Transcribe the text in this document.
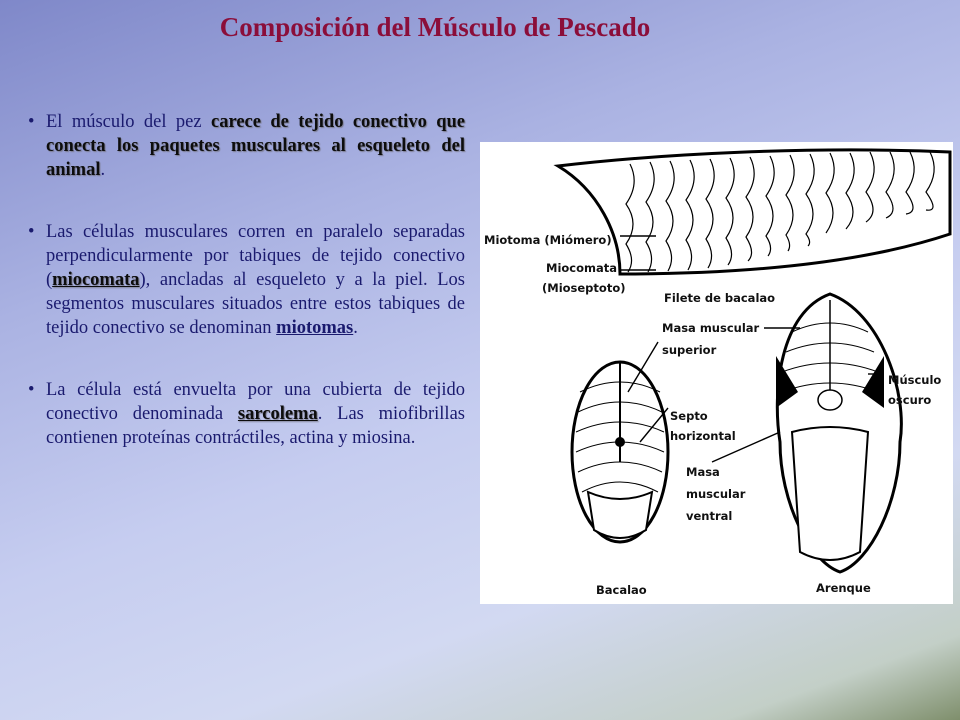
Composición del Músculo de Pescado
• El músculo del pez carece de tejido conectivo que conecta los paquetes musculares al esqueleto del animal.
• Las células musculares corren en paralelo separadas perpendicularmente por tabiques de tejido conectivo (miocomata), ancladas al esqueleto y a la piel. Los segmentos musculares situados entre estos tabiques de tejido conectivo se denominan miotomas.
• La célula está envuelta por una cubierta de tejido conectivo denominada sarcolema. Las miofibrillas contienen proteínas contráctiles, actina y miosina.
Miotoma (Miómero)
Miocomata
(Mioseptoto)
Filete de bacalao
Masa muscular
superior
Septo
horizontal
Masa
muscular
ventral
Músculo
oscuro
Bacalao	Arenque
